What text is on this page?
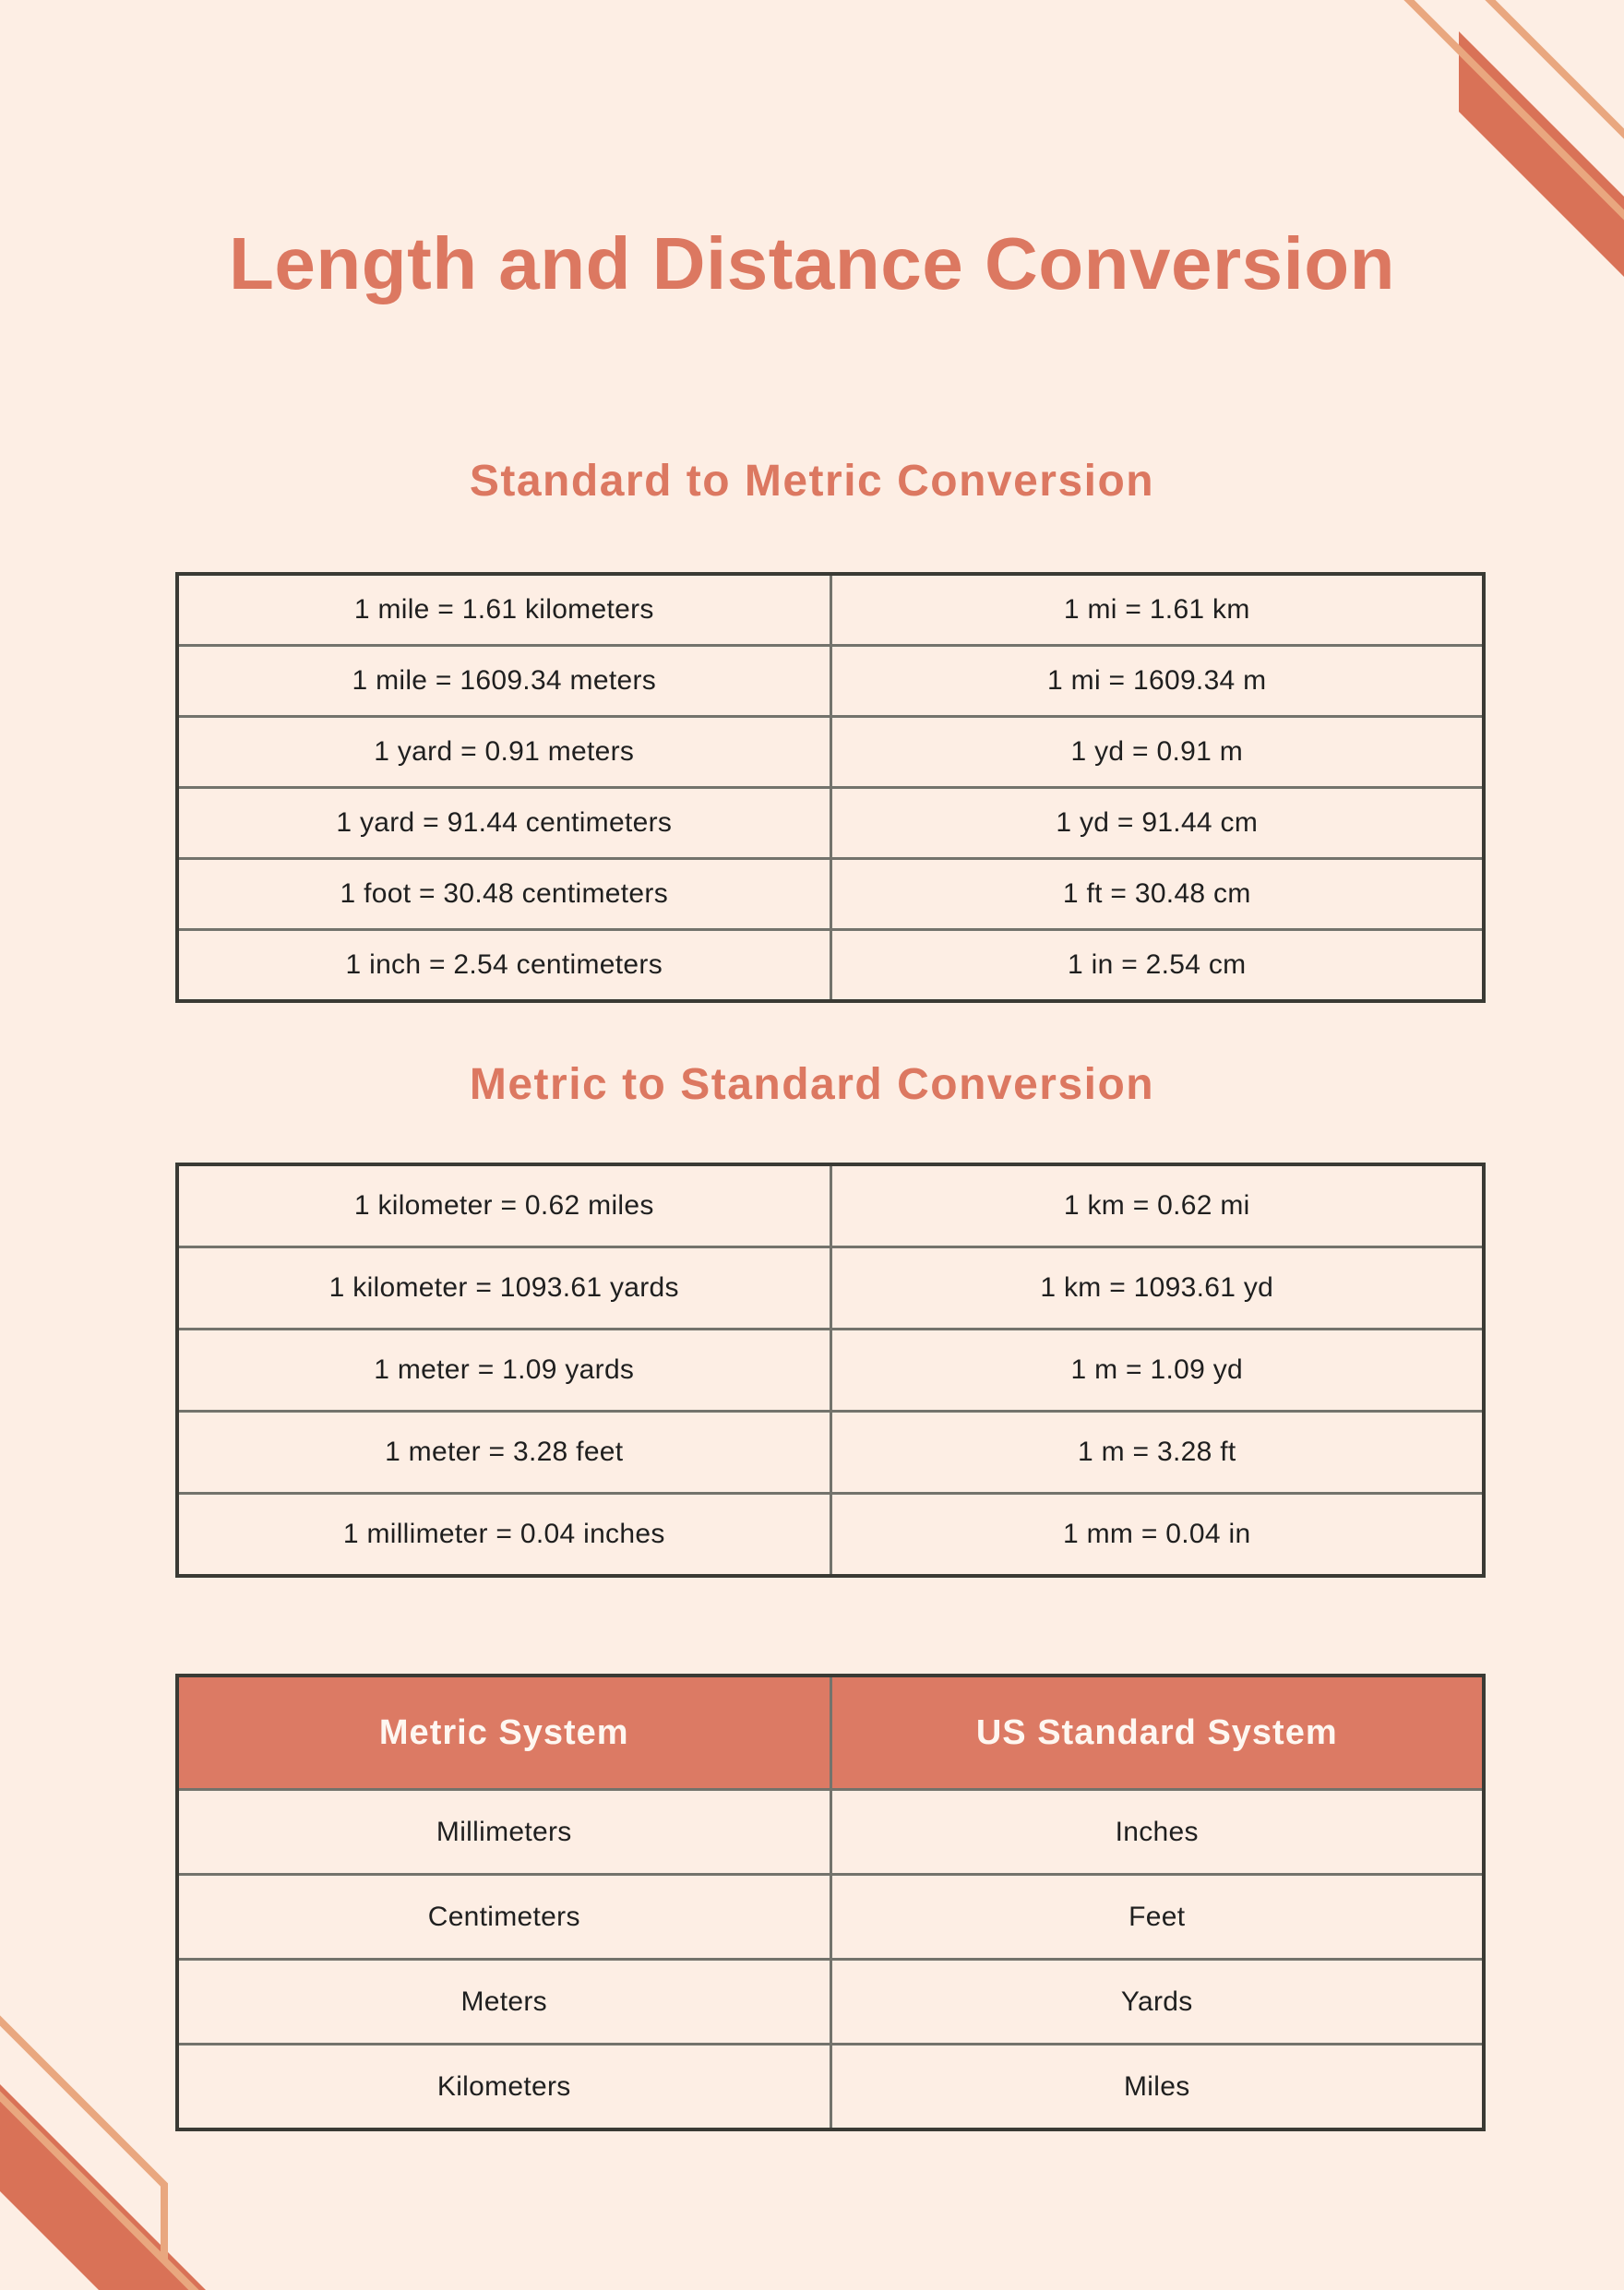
Length and Distance Conversion
Standard to Metric Conversion
1 mile = 1.61 kilometers	1 mi = 1.61 km
1 mile = 1609.34 meters	1 mi = 1609.34 m
1 yard = 0.91 meters	1 yd = 0.91 m
1 yard = 91.44 centimeters	1 yd = 91.44 cm
1 foot = 30.48 centimeters	1 ft = 30.48 cm
1 inch = 2.54 centimeters	1 in = 2.54 cm
Metric to Standard Conversion
1 kilometer = 0.62 miles	1 km = 0.62 mi
1 kilometer = 1093.61 yards	1 km = 1093.61 yd
1 meter = 1.09 yards	1 m = 1.09 yd
1 meter = 3.28 feet	1 m = 3.28 ft
1 millimeter = 0.04 inches	1 mm = 0.04 in
Metric System	US Standard System
Millimeters	Inches
Centimeters	Feet
Meters	Yards
Kilometers	Miles
